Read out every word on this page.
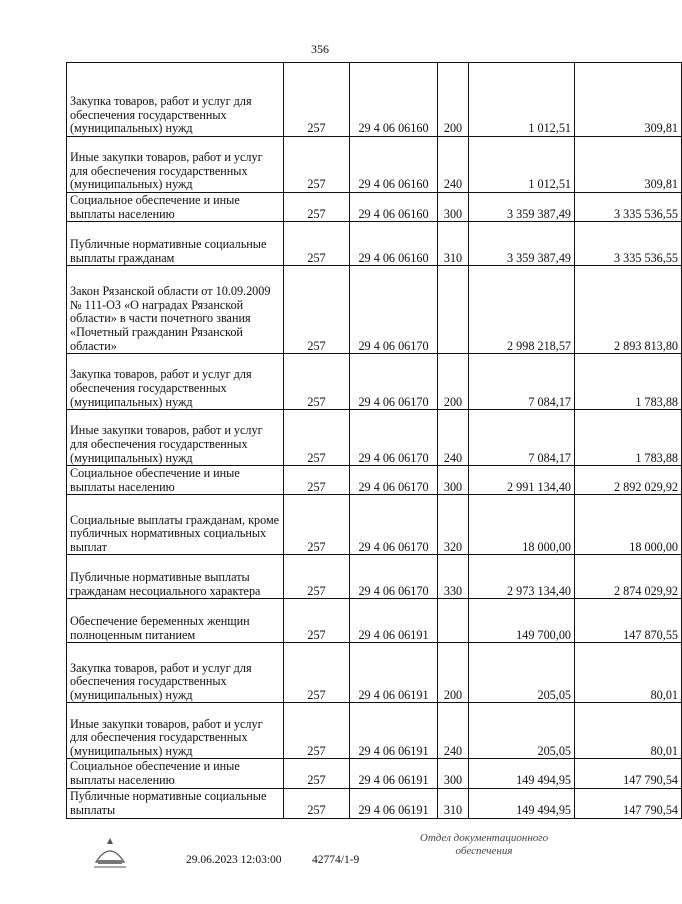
356
Закупка товаров, работ и услуг для обеспечения государственных (муниципальных) нужд	257	29 4 06 06160	200	1 012,51	309,81
Иные закупки товаров, работ и услуг для обеспечения государственных (муниципальных) нужд	257	29 4 06 06160	240	1 012,51	309,81
Социальное обеспечение и иные выплаты населению	257	29 4 06 06160	300	3 359 387,49	3 335 536,55
Публичные нормативные социальные выплаты гражданам	257	29 4 06 06160	310	3 359 387,49	3 335 536,55
Закон Рязанской области от 10.09.2009 № 111-ОЗ «О наградах Рязанской области» в части почетного звания «Почетный гражданин Рязанской области»	257	29 4 06 06170		2 998 218,57	2 893 813,80
Закупка товаров, работ и услуг для обеспечения государственных (муниципальных) нужд	257	29 4 06 06170	200	7 084,17	1 783,88
Иные закупки товаров, работ и услуг для обеспечения государственных (муниципальных) нужд	257	29 4 06 06170	240	7 084,17	1 783,88
Социальное обеспечение и иные выплаты населению	257	29 4 06 06170	300	2 991 134,40	2 892 029,92
Социальные выплаты гражданам, кроме публичных нормативных социальных выплат	257	29 4 06 06170	320	18 000,00	18 000,00
Публичные нормативные выплаты гражданам несоциального характера	257	29 4 06 06170	330	2 973 134,40	2 874 029,92
Обеспечение беременных женщин полноценным питанием	257	29 4 06 06191		149 700,00	147 870,55
Закупка товаров, работ и услуг для обеспечения государственных (муниципальных) нужд	257	29 4 06 06191	200	205,05	80,01
Иные закупки товаров, работ и услуг для обеспечения государственных (муниципальных) нужд	257	29 4 06 06191	240	205,05	80,01
Социальное обеспечение и иные выплаты населению	257	29 4 06 06191	300	149 494,95	147 790,54
Публичные нормативные социальные выплаты	257	29 4 06 06191	310	149 494,95	147 790,54
29.06.2023 12:03:00	42774/1-9
Отдел документационного
обеспечения
